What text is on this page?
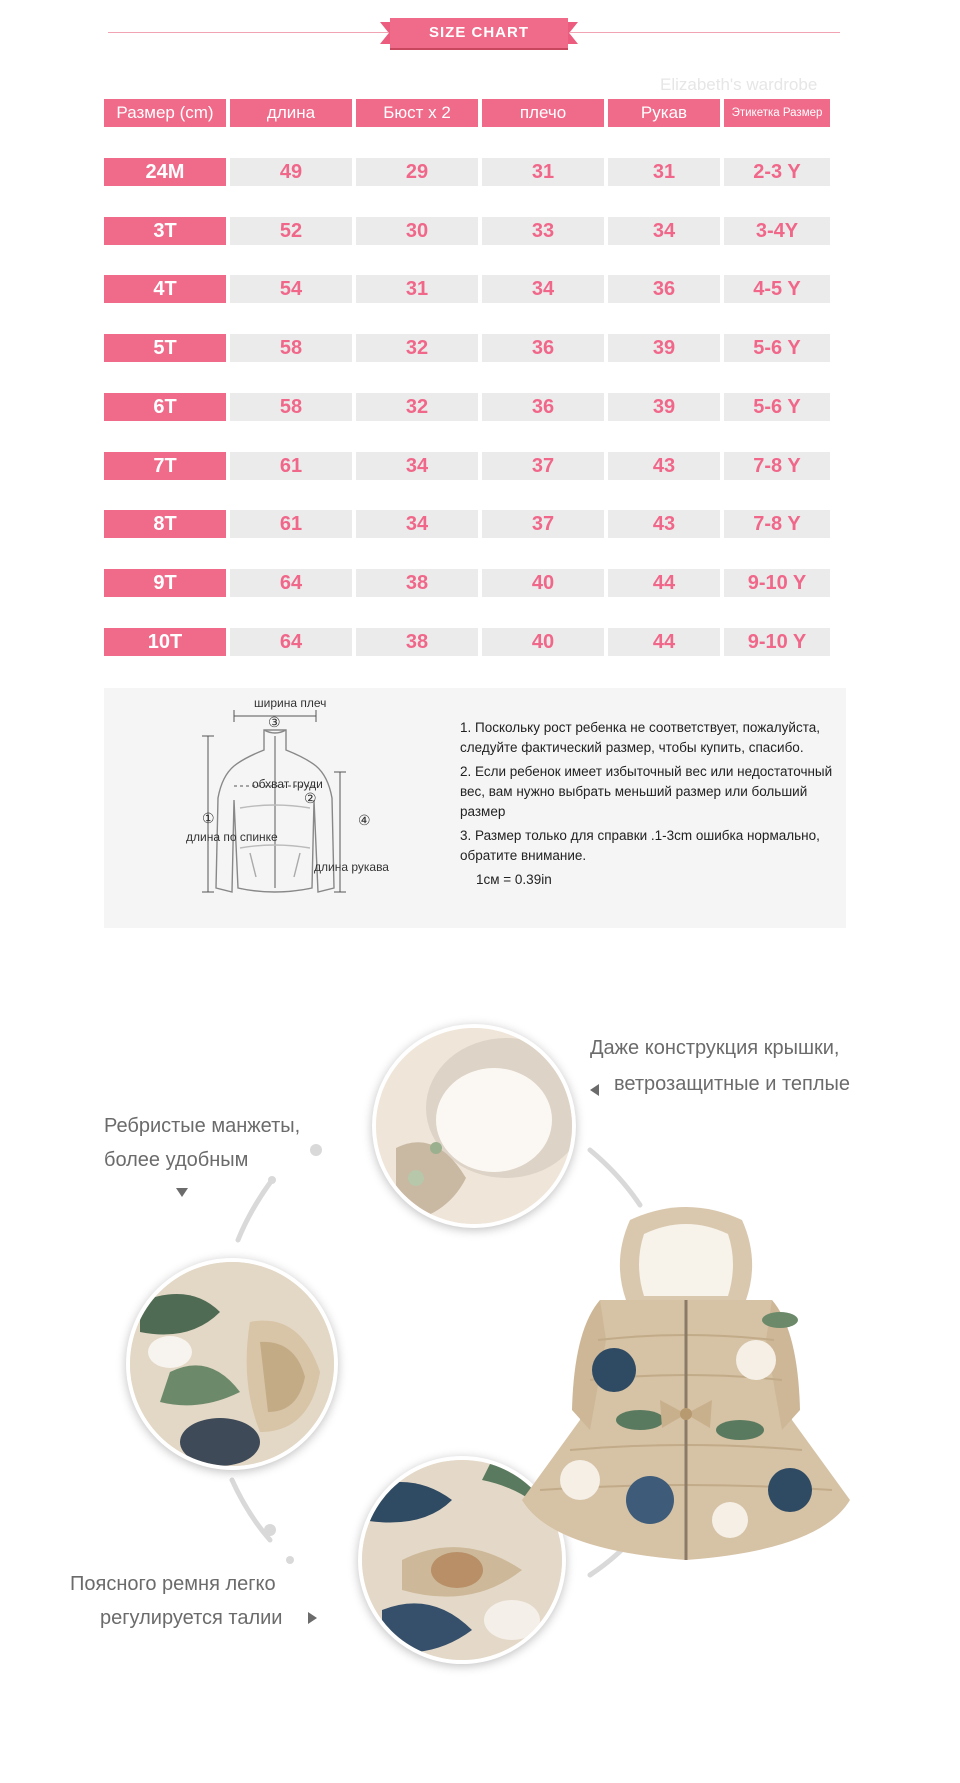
SIZE CHART
Elizabeth's wardrobe
Размер (cm)	длина	Бюст x 2	плечо	Рукав	Этикетка Размер
24M	49	29	31	31	2-3 Y
3T	52	30	33	34	3-4Y
4T	54	31	34	36	4-5 Y
5T	58	32	36	39	5-6 Y
6T	58	32	36	39	5-6 Y
7T	61	34	37	43	7-8 Y
8T	61	34	37	43	7-8 Y
9T	64	38	40	44	9-10 Y
10T	64	38	40	44	9-10 Y
ширина плеч
③
обхват груди
②
①
длина по спинке
④
длина рукава

1. Поскольку рост ребенка не соответствует, пожалуйста, следуйте фактический размер, чтобы купить, спасибо.

2. Если ребенок имеет избыточный вес или недостаточный вес, вам нужно выбрать меньший размер или больший размер

3. Размер только для справки .1-3cm ошибка нормально, обратите внимание.

1см = 0.39in

Даже конструкция крышки,
ветрозащитные и теплые
Ребристые манжеты,
более удобным
Поясного ремня легко
регулируется талии
